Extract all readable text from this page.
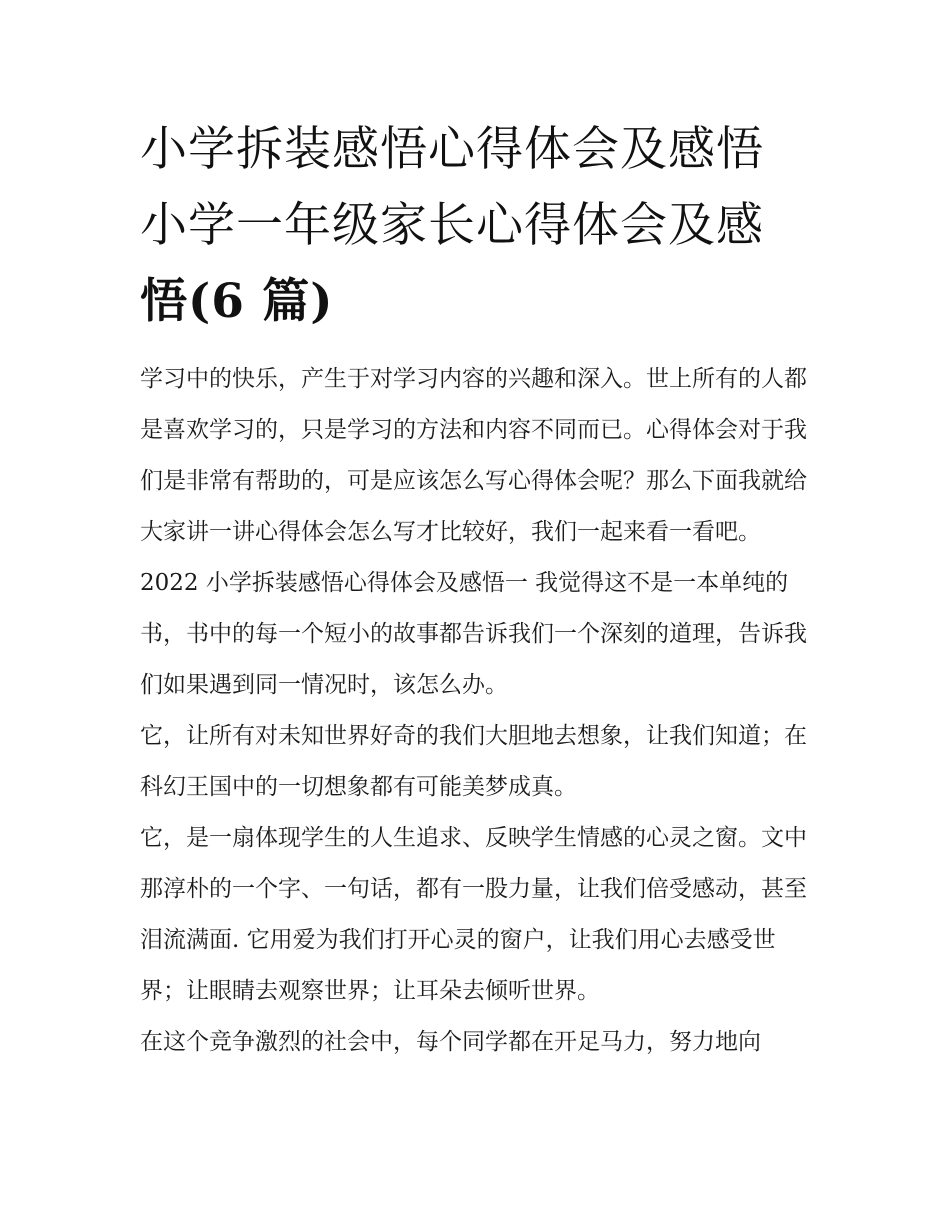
小学拆装感悟心得体会及感悟
小学一年级家长心得体会及感
悟(6 篇)

学习中的快乐，产生于对学习内容的兴趣和深入。世上所有的人都是喜欢学习的，只是学习的方法和内容不同而已。心得体会对于我们是非常有帮助的，可是应该怎么写心得体会呢？那么下面我就给大家讲一讲心得体会怎么写才比较好，我们一起来看一看吧。

2022 小学拆装感悟心得体会及感悟一 我觉得这不是一本单纯的书，书中的每一个短小的故事都告诉我们一个深刻的道理，告诉我们如果遇到同一情况时，该怎么办。

它，让所有对未知世界好奇的我们大胆地去想象，让我们知道；在科幻王国中的一切想象都有可能美梦成真。

它，是一扇体现学生的人生追求、反映学生情感的心灵之窗。文中那淳朴的一个字、一句话，都有一股力量，让我们倍受感动，甚至泪流满面. 它用爱为我们打开心灵的窗户，让我们用心去感受世界；让眼睛去观察世界；让耳朵去倾听世界。

在这个竞争激烈的社会中，每个同学都在开足马力，努力地向
